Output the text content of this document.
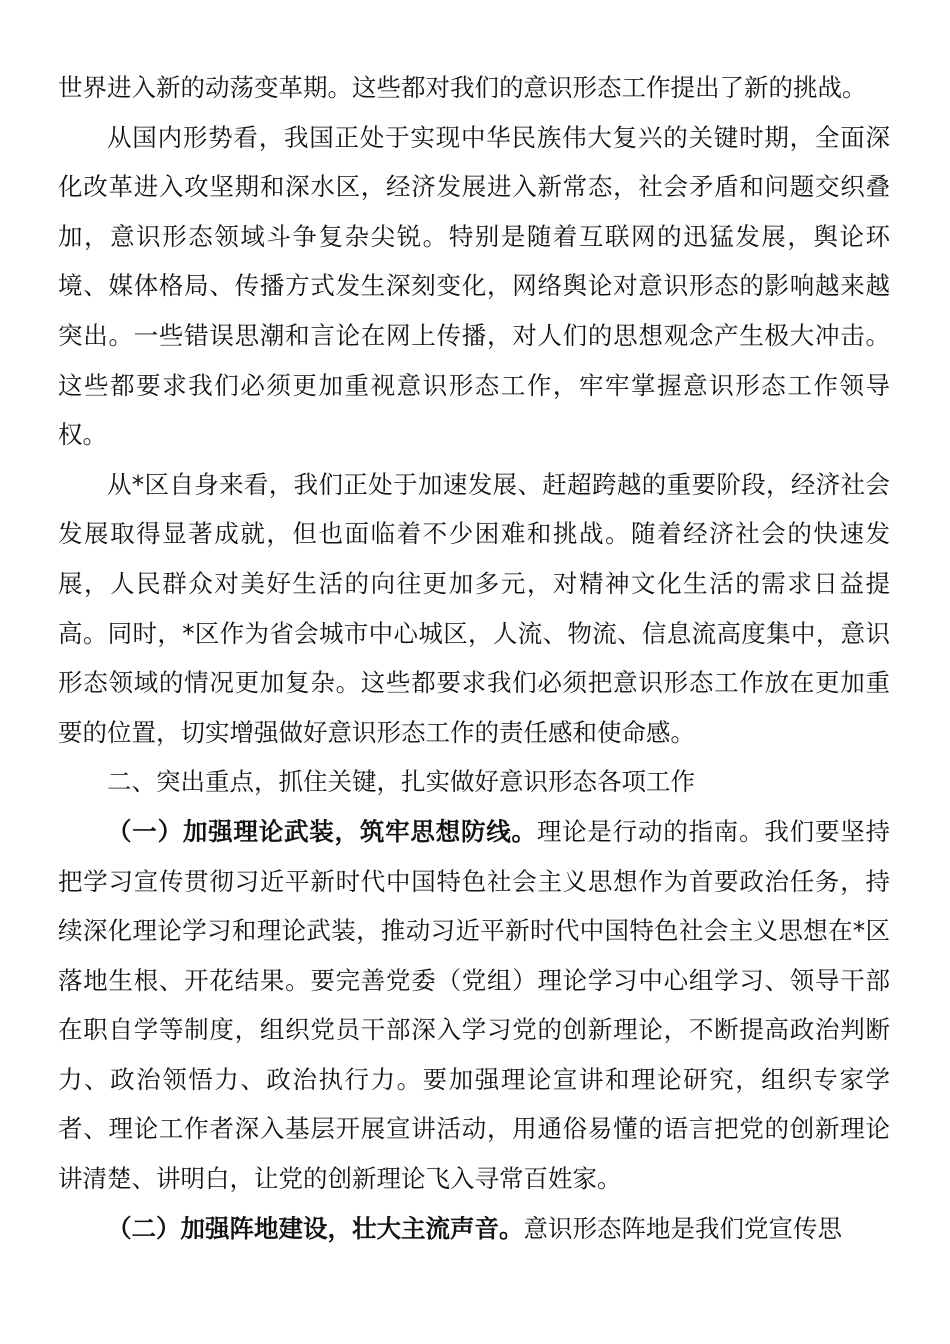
世界进入新的动荡变革期。这些都对我们的意识形态工作提出了新的挑战。

从国内形势看，我国正处于实现中华民族伟大复兴的关键时期，全面深化改革进入攻坚期和深水区，经济发展进入新常态，社会矛盾和问题交织叠加，意识形态领域斗争复杂尖锐。特别是随着互联网的迅猛发展，舆论环境、媒体格局、传播方式发生深刻变化，网络舆论对意识形态的影响越来越突出。一些错误思潮和言论在网上传播，对人们的思想观念产生极大冲击。这些都要求我们必须更加重视意识形态工作，牢牢掌握意识形态工作领导权。

从*区自身来看，我们正处于加速发展、赶超跨越的重要阶段，经济社会发展取得显著成就，但也面临着不少困难和挑战。随着经济社会的快速发展，人民群众对美好生活的向往更加多元，对精神文化生活的需求日益提高。同时，*区作为省会城市中心城区，人流、物流、信息流高度集中，意识形态领域的情况更加复杂。这些都要求我们必须把意识形态工作放在更加重要的位置，切实增强做好意识形态工作的责任感和使命感。

二、突出重点，抓住关键，扎实做好意识形态各项工作

（一）加强理论武装，筑牢思想防线。理论是行动的指南。我们要坚持把学习宣传贯彻习近平新时代中国特色社会主义思想作为首要政治任务，持续深化理论学习和理论武装，推动习近平新时代中国特色社会主义思想在*区落地生根、开花结果。要完善党委（党组）理论学习中心组学习、领导干部在职自学等制度，组织党员干部深入学习党的创新理论，不断提高政治判断力、政治领悟力、政治执行力。要加强理论宣讲和理论研究，组织专家学者、理论工作者深入基层开展宣讲活动，用通俗易懂的语言把党的创新理论讲清楚、讲明白，让党的创新理论飞入寻常百姓家。

（二）加强阵地建设，壮大主流声音。意识形态阵地是我们党宣传思
